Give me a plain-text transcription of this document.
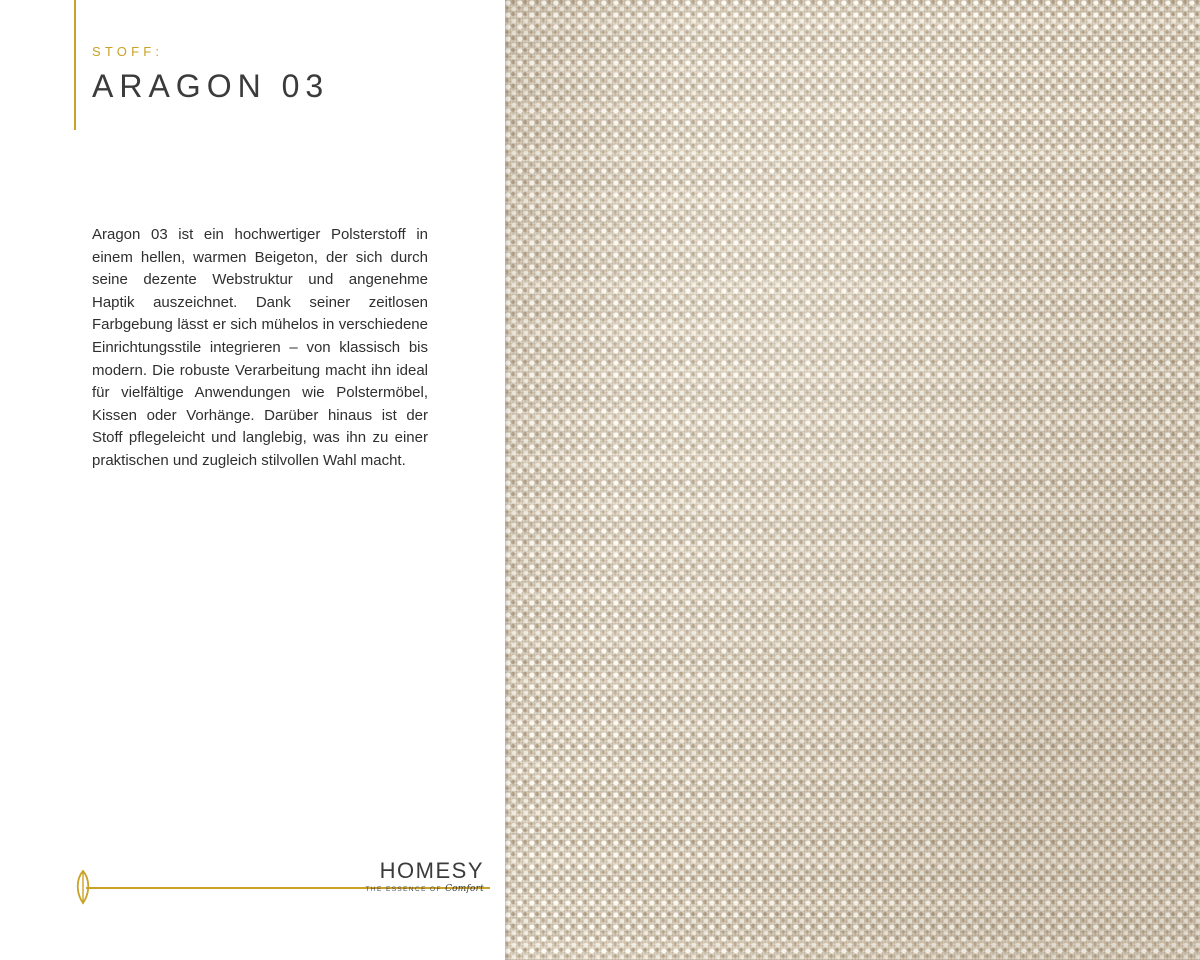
STOFF:
ARAGON 03
Aragon 03 ist ein hochwertiger Polsterstoff in einem hellen, warmen Beigeton, der sich durch seine dezente Webstruktur und angenehme Haptik auszeichnet. Dank seiner zeitlosen Farbgebung lässt er sich mühelos in verschiedene Einrichtungsstile integrieren – von klassisch bis modern. Die robuste Verarbeitung macht ihn ideal für vielfältige Anwendungen wie Polstermöbel, Kissen oder Vorhänge. Darüber hinaus ist der Stoff pflegeleicht und langlebig, was ihn zu einer praktischen und zugleich stilvollen Wahl macht.
HOMESY
THE ESSENCE OF Comfort
